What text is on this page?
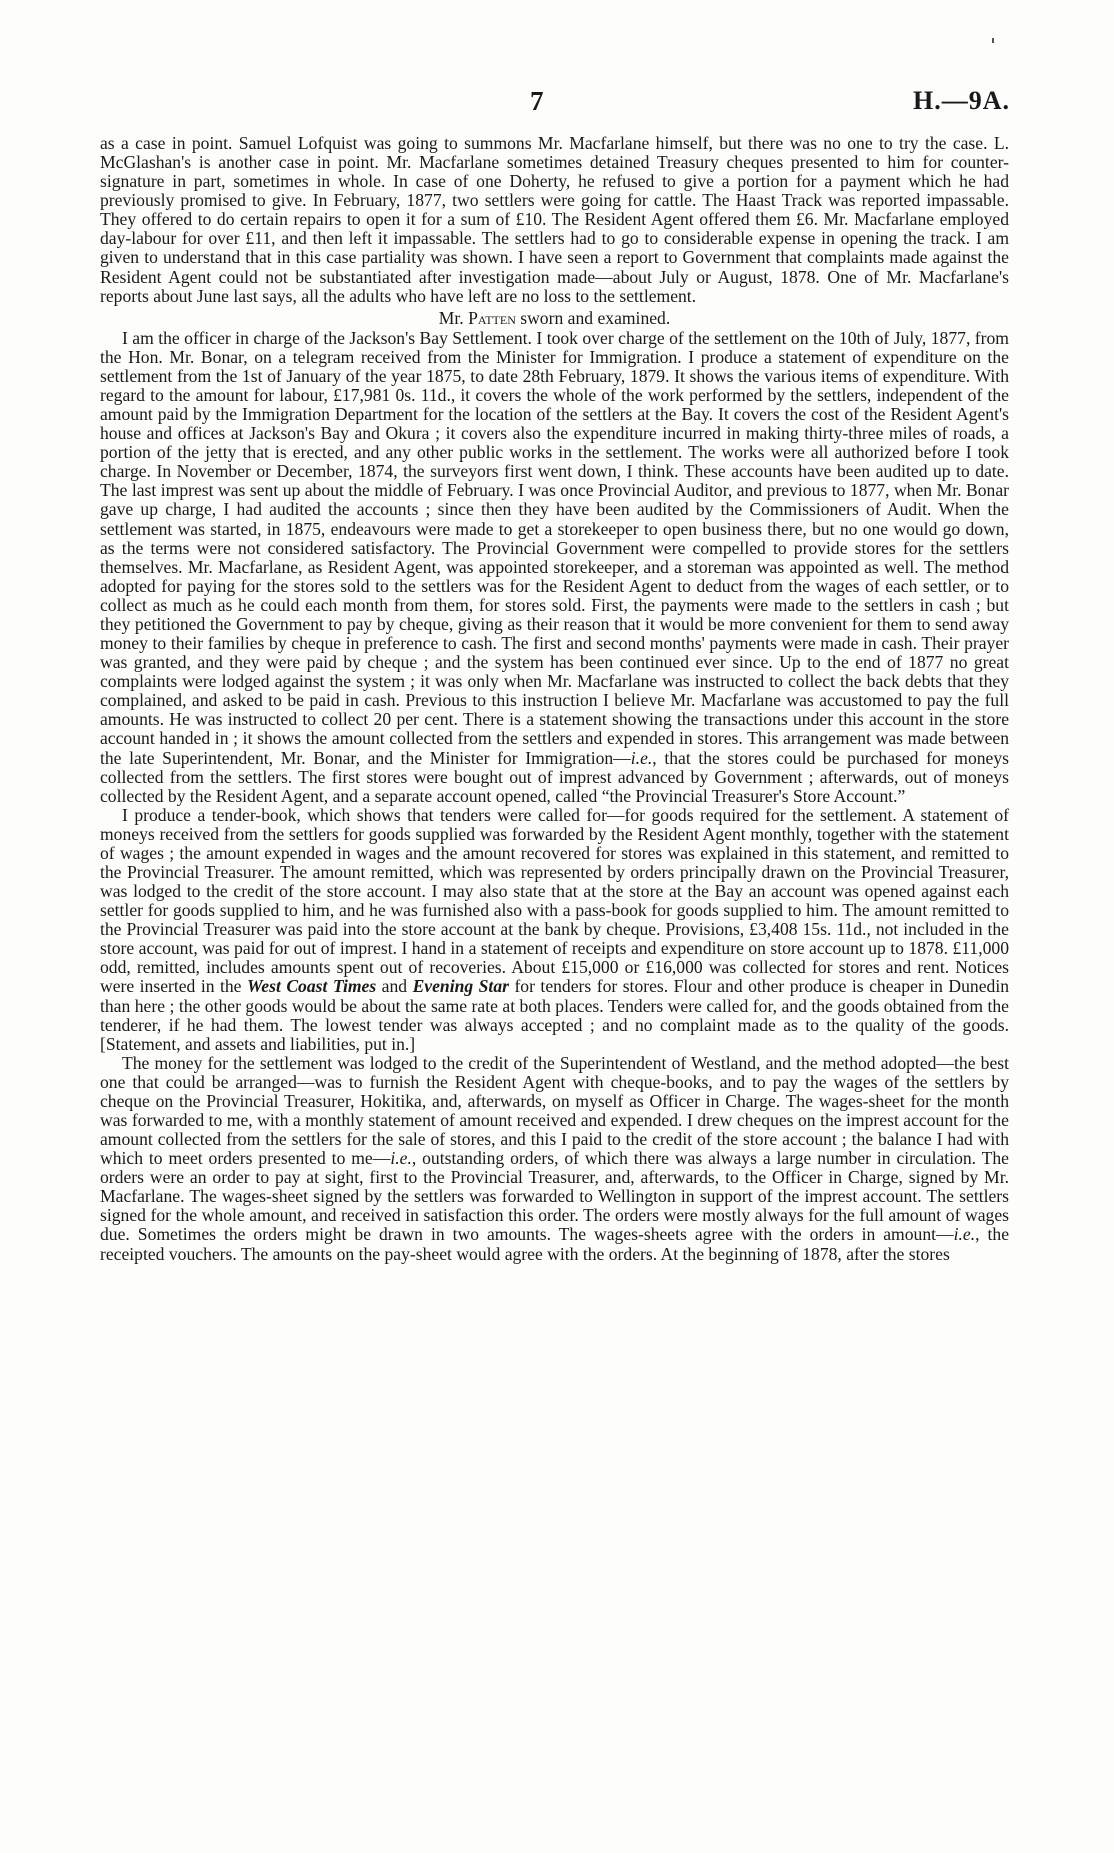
7	H.—9A.

as a case in point. Samuel Lofquist was going to summons Mr. Macfarlane himself, but there was no one to try the case. L. McGlashan's is another case in point. Mr. Macfarlane sometimes detained Treasury cheques presented to him for counter-signature in part, sometimes in whole. In case of one Doherty, he refused to give a portion for a payment which he had previously promised to give. In February, 1877, two settlers were going for cattle. The Haast Track was reported impassable. They offered to do certain repairs to open it for a sum of £10. The Resident Agent offered them £6. Mr. Macfarlane employed day-labour for over £11, and then left it impassable. The settlers had to go to considerable expense in opening the track. I am given to understand that in this case partiality was shown. I have seen a report to Government that complaints made against the Resident Agent could not be substantiated after investigation made—about July or August, 1878. One of Mr. Macfarlane's reports about June last says, all the adults who have left are no loss to the settlement.

Mr. Patten sworn and examined.

I am the officer in charge of the Jackson's Bay Settlement. I took over charge of the settlement on the 10th of July, 1877, from the Hon. Mr. Bonar, on a telegram received from the Minister for Immigration. I produce a statement of expenditure on the settlement from the 1st of January of the year 1875, to date 28th February, 1879. It shows the various items of expenditure. With regard to the amount for labour, £17,981 0s. 11d., it covers the whole of the work performed by the settlers, independent of the amount paid by the Immigration Department for the location of the settlers at the Bay. It covers the cost of the Resident Agent's house and offices at Jackson's Bay and Okura ; it covers also the expenditure incurred in making thirty-three miles of roads, a portion of the jetty that is erected, and any other public works in the settlement. The works were all authorized before I took charge. In November or December, 1874, the surveyors first went down, I think. These accounts have been audited up to date. The last imprest was sent up about the middle of February. I was once Provincial Auditor, and previous to 1877, when Mr. Bonar gave up charge, I had audited the accounts ; since then they have been audited by the Commissioners of Audit. When the settlement was started, in 1875, endeavours were made to get a storekeeper to open business there, but no one would go down, as the terms were not considered satisfactory. The Provincial Government were compelled to provide stores for the settlers themselves. Mr. Macfarlane, as Resident Agent, was appointed storekeeper, and a storeman was appointed as well. The method adopted for paying for the stores sold to the settlers was for the Resident Agent to deduct from the wages of each settler, or to collect as much as he could each month from them, for stores sold. First, the payments were made to the settlers in cash ; but they petitioned the Government to pay by cheque, giving as their reason that it would be more convenient for them to send away money to their families by cheque in preference to cash. The first and second months' payments were made in cash. Their prayer was granted, and they were paid by cheque ; and the system has been continued ever since. Up to the end of 1877 no great complaints were lodged against the system ; it was only when Mr. Macfarlane was instructed to collect the back debts that they complained, and asked to be paid in cash. Previous to this instruction I believe Mr. Macfarlane was accustomed to pay the full amounts. He was instructed to collect 20 per cent. There is a statement showing the transactions under this account in the store account handed in ; it shows the amount collected from the settlers and expended in stores. This arrangement was made between the late Superintendent, Mr. Bonar, and the Minister for Immigration—i.e., that the stores could be purchased for moneys collected from the settlers. The first stores were bought out of imprest advanced by Government ; afterwards, out of moneys collected by the Resident Agent, and a separate account opened, called “the Provincial Treasurer's Store Account.”

I produce a tender-book, which shows that tenders were called for—for goods required for the settlement. A statement of moneys received from the settlers for goods supplied was forwarded by the Resident Agent monthly, together with the statement of wages ; the amount expended in wages and the amount recovered for stores was explained in this statement, and remitted to the Provincial Treasurer. The amount remitted, which was represented by orders principally drawn on the Provincial Treasurer, was lodged to the credit of the store account. I may also state that at the store at the Bay an account was opened against each settler for goods supplied to him, and he was furnished also with a pass-book for goods supplied to him. The amount remitted to the Provincial Treasurer was paid into the store account at the bank by cheque. Provisions, £3,408 15s. 11d., not included in the store account, was paid for out of imprest. I hand in a statement of receipts and expenditure on store account up to 1878. £11,000 odd, remitted, includes amounts spent out of recoveries. About £15,000 or £16,000 was collected for stores and rent. Notices were inserted in the West Coast Times and Evening Star for tenders for stores. Flour and other produce is cheaper in Dunedin than here ; the other goods would be about the same rate at both places. Tenders were called for, and the goods obtained from the tenderer, if he had them. The lowest tender was always accepted ; and no complaint made as to the quality of the goods. [Statement, and assets and liabilities, put in.]

The money for the settlement was lodged to the credit of the Superintendent of Westland, and the method adopted—the best one that could be arranged—was to furnish the Resident Agent with cheque-books, and to pay the wages of the settlers by cheque on the Provincial Treasurer, Hokitika, and, afterwards, on myself as Officer in Charge. The wages-sheet for the month was forwarded to me, with a monthly statement of amount received and expended. I drew cheques on the imprest account for the amount collected from the settlers for the sale of stores, and this I paid to the credit of the store account ; the balance I had with which to meet orders presented to me—i.e., outstanding orders, of which there was always a large number in circulation. The orders were an order to pay at sight, first to the Provincial Treasurer, and, afterwards, to the Officer in Charge, signed by Mr. Macfarlane. The wages-sheet signed by the settlers was forwarded to Wellington in support of the imprest account. The settlers signed for the whole amount, and received in satisfaction this order. The orders were mostly always for the full amount of wages due. Sometimes the orders might be drawn in two amounts. The wages-sheets agree with the orders in amount—i.e., the receipted vouchers. The amounts on the pay-sheet would agree with the orders. At the beginning of 1878, after the stores
